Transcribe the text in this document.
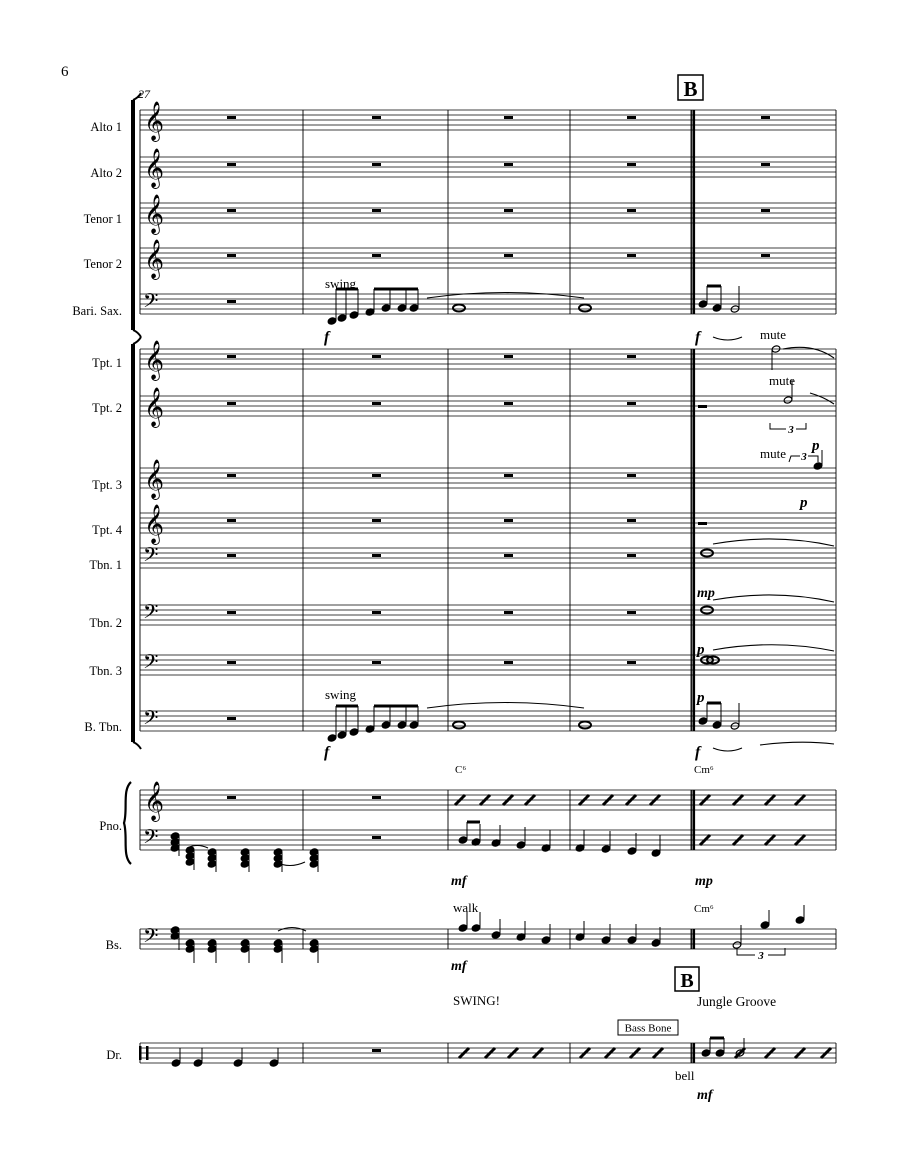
𝄞
𝄞
𝄞
𝄞
𝄢
𝄞
𝄞
𝄞
𝄞
𝄢
𝄢
𝄢
𝄢
𝄞
𝄢
𝄢
6
27	B
Alto 1
Alto 2
Tenor 1
Tenor 2
Bari. Sax.
Tpt. 1
Tpt. 2
Tpt. 3
Tpt. 4
Tbn. 1
Tbn. 2
Tbn. 3
B. Tbn.
Pno.
Bs.
Dr.
swing
swing
mute
mute
mute
walk
SWING!	Jungle Groove
Bass Bone
bell
B
C⁶	Cm⁶
Cm⁶
f	f
p
p
mp
p
p
f	f
mf	mp
mf
mf
3
3
3
